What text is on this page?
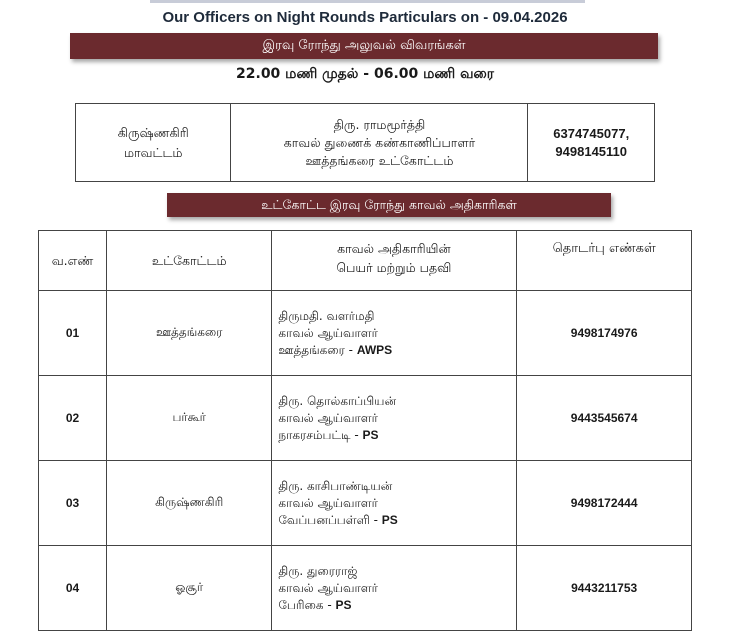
Our Officers on Night Rounds Particulars on - 09.04.2026
இரவு ரோந்து அலுவல் விவரங்கள்
22.00 மணி முதல் - 06.00 மணி வரை
கிருஷ்ணகிரி
மாவட்டம்

திரு. ராமமூர்த்தி
காவல் துணைக் கண்காணிப்பாளர்
ஊத்தங்கரை உட்கோட்டம்

6374745077,
9498145110
உட்கோட்ட இரவு ரோந்து காவல் அதிகாரிகள்
வ.எண்	உட்கோட்டம்	காவல் அதிகாரியின்
பெயர் மற்றும் பதவி	தொடர்பு எண்கள்
01	ஊத்தங்கரை	திருமதி. வளர்மதி
காவல் ஆய்வாளர்
ஊத்தங்கரை - AWPS	9498174976
02	பர்கூர்	திரு. தொல்காப்பியன்
காவல் ஆய்வாளர்
நாகரசம்பட்டி - PS	9443545674
03	கிருஷ்ணகிரி	திரு. காசிபாண்டியன்
காவல் ஆய்வாளர்
வேப்பனப்பள்ளி - PS	9498172444
04	ஓசூர்	திரு. துரைராஜ்
காவல் ஆய்வாளர்
பேரிகை - PS	9443211753
